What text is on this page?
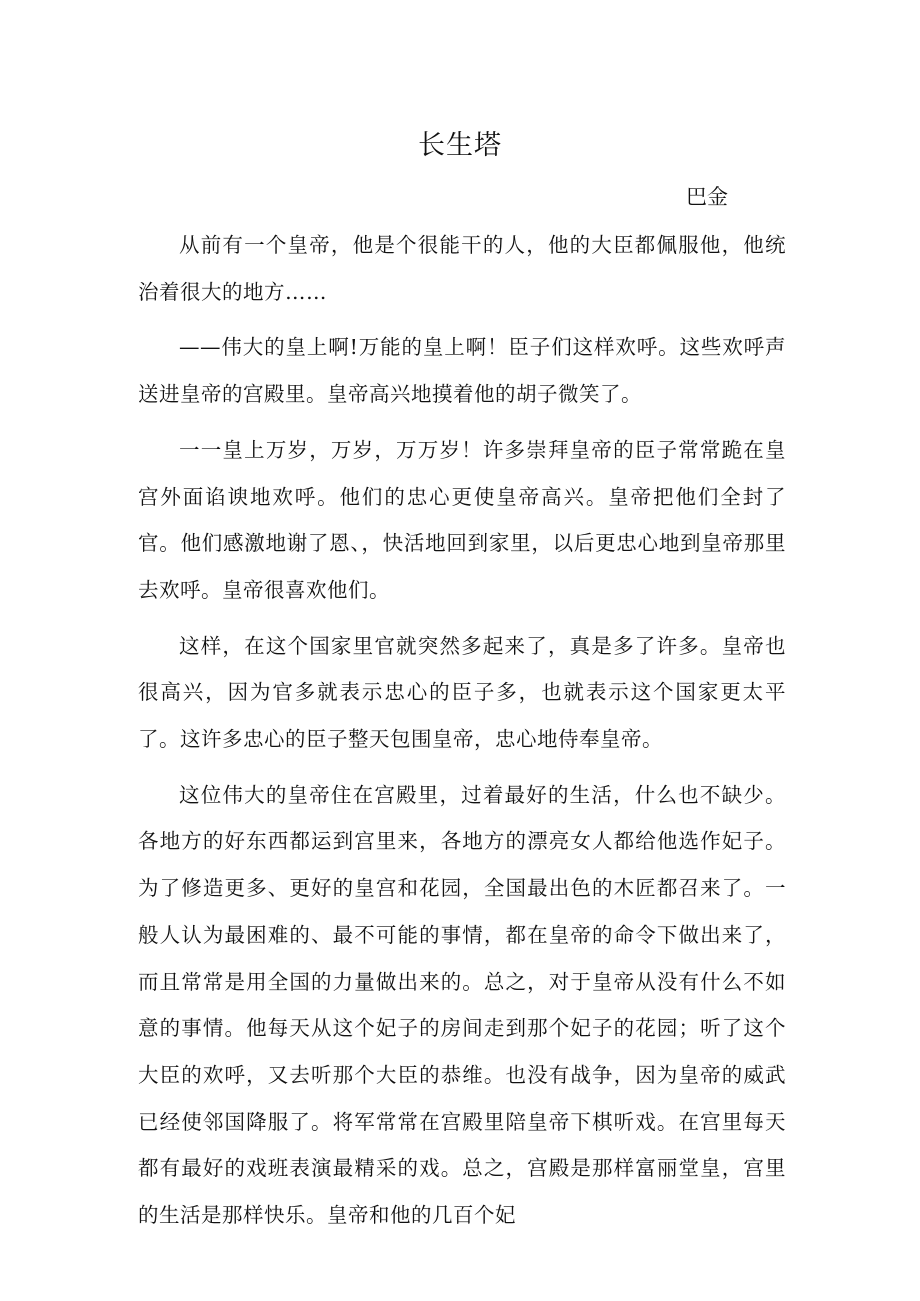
长生塔

巴金

从前有一个皇帝，他是个很能干的人，他的大臣都佩服他，他统治着很大的地方……

——伟大的皇上啊!万能的皇上啊！臣子们这样欢呼。这些欢呼声送进皇帝的宫殿里。皇帝高兴地摸着他的胡子微笑了。

一一皇上万岁，万岁，万万岁！许多崇拜皇帝的臣子常常跪在皇宫外面谄谀地欢呼。他们的忠心更使皇帝高兴。皇帝把他们全封了官。他们感激地谢了恩、，快活地回到家里，以后更忠心地到皇帝那里去欢呼。皇帝很喜欢他们。

这样，在这个国家里官就突然多起来了，真是多了许多。皇帝也很高兴，因为官多就表示忠心的臣子多，也就表示这个国家更太平了。这许多忠心的臣子整天包围皇帝，忠心地侍奉皇帝。

这位伟大的皇帝住在宫殿里，过着最好的生活，什么也不缺少。各地方的好东西都运到宫里来，各地方的漂亮女人都给他选作妃子。为了修造更多、更好的皇宫和花园，全国最出色的木匠都召来了。一般人认为最困难的、最不可能的事情，都在皇帝的命令下做出来了，而且常常是用全国的力量做出来的。总之，对于皇帝从没有什么不如意的事情。他每天从这个妃子的房间走到那个妃子的花园；听了这个大臣的欢呼，又去听那个大臣的恭维。也没有战争，因为皇帝的威武已经使邻国降服了。将军常常在宫殿里陪皇帝下棋听戏。在宫里每天都有最好的戏班表演最精采的戏。总之，宫殿是那样富丽堂皇，宫里的生活是那样快乐。皇帝和他的几百个妃
